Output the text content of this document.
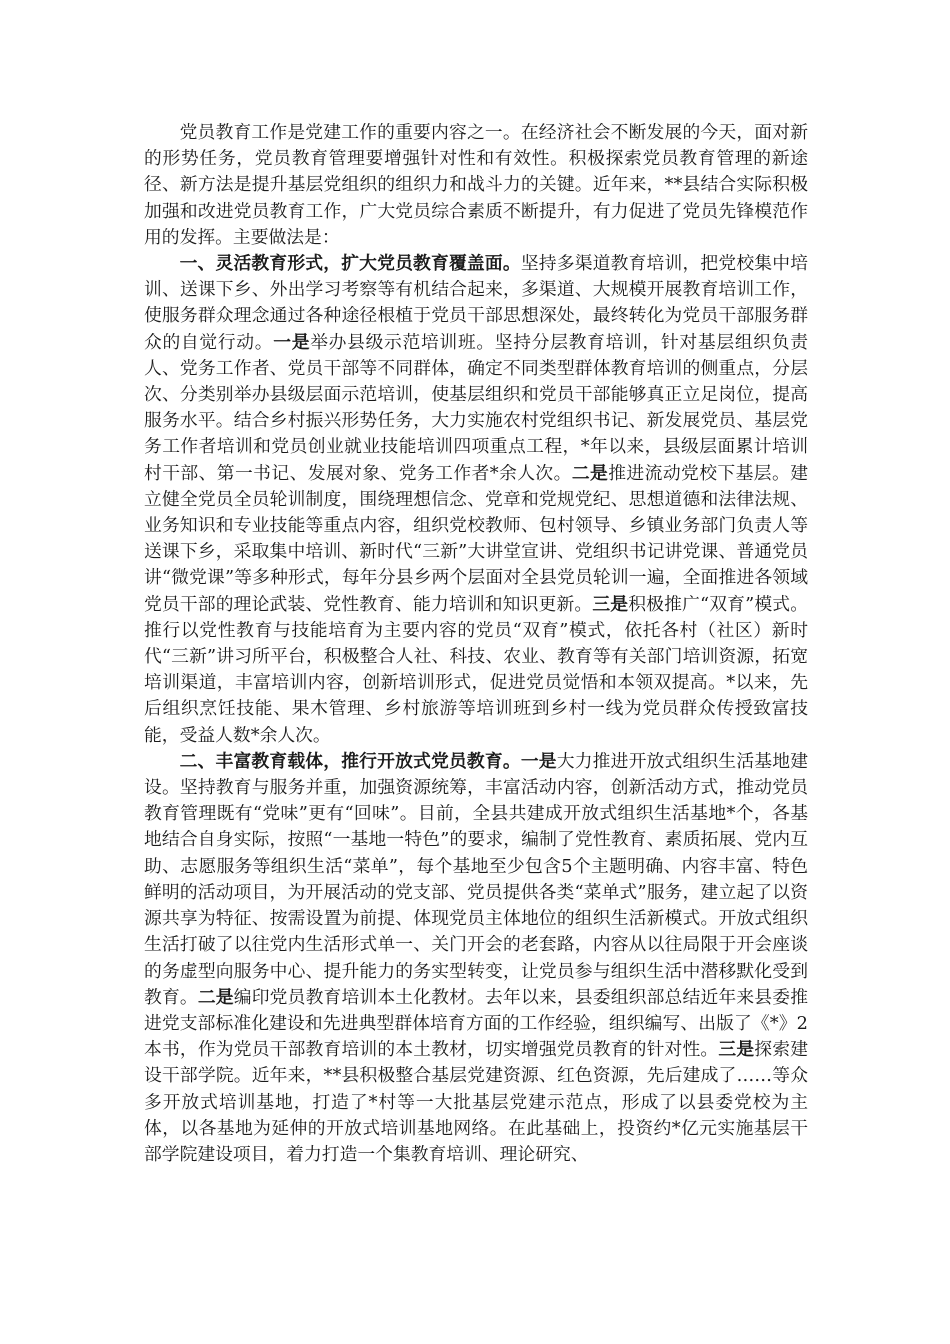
党员教育工作是党建工作的重要内容之一。在经济社会不断发展的今天，面对新的形势任务，党员教育管理要增强针对性和有效性。积极探索党员教育管理的新途径、新方法是提升基层党组织的组织力和战斗力的关键。近年来，**县结合实际积极加强和改进党员教育工作，广大党员综合素质不断提升，有力促进了党员先锋模范作用的发挥。主要做法是：

一、灵活教育形式，扩大党员教育覆盖面。坚持多渠道教育培训，把党校集中培训、送课下乡、外出学习考察等有机结合起来，多渠道、大规模开展教育培训工作，使服务群众理念通过各种途径根植于党员干部思想深处，最终转化为党员干部服务群众的自觉行动。一是举办县级示范培训班。坚持分层教育培训，针对基层组织负责人、党务工作者、党员干部等不同群体，确定不同类型群体教育培训的侧重点，分层次、分类别举办县级层面示范培训，使基层组织和党员干部能够真正立足岗位，提高服务水平。结合乡村振兴形势任务，大力实施农村党组织书记、新发展党员、基层党务工作者培训和党员创业就业技能培训四项重点工程，*年以来，县级层面累计培训村干部、第一书记、发展对象、党务工作者*余人次。二是推进流动党校下基层。建立健全党员全员轮训制度，围绕理想信念、党章和党规党纪、思想道德和法律法规、业务知识和专业技能等重点内容，组织党校教师、包村领导、乡镇业务部门负责人等送课下乡，采取集中培训、新时代“三新”大讲堂宣讲、党组织书记讲党课、普通党员讲“微党课”等多种形式，每年分县乡两个层面对全县党员轮训一遍，全面推进各领域党员干部的理论武装、党性教育、能力培训和知识更新。三是积极推广“双育”模式。推行以党性教育与技能培育为主要内容的党员“双育”模式，依托各村（社区）新时代“三新”讲习所平台，积极整合人社、科技、农业、教育等有关部门培训资源，拓宽培训渠道，丰富培训内容，创新培训形式，促进党员觉悟和本领双提高。*以来，先后组织烹饪技能、果木管理、乡村旅游等培训班到乡村一线为党员群众传授致富技能，受益人数*余人次。

二、丰富教育载体，推行开放式党员教育。一是大力推进开放式组织生活基地建设。坚持教育与服务并重，加强资源统筹，丰富活动内容，创新活动方式，推动党员教育管理既有“党味”更有“回味”。目前，全县共建成开放式组织生活基地*个，各基地结合自身实际，按照“一基地一特色”的要求，编制了党性教育、素质拓展、党内互助、志愿服务等组织生活“菜单”，每个基地至少包含5个主题明确、内容丰富、特色鲜明的活动项目，为开展活动的党支部、党员提供各类“菜单式”服务，建立起了以资源共享为特征、按需设置为前提、体现党员主体地位的组织生活新模式。开放式组织生活打破了以往党内生活形式单一、关门开会的老套路，内容从以往局限于开会座谈的务虚型向服务中心、提升能力的务实型转变，让党员参与组织生活中潜移默化受到教育。二是编印党员教育培训本土化教材。去年以来，县委组织部总结近年来县委推进党支部标准化建设和先进典型群体培育方面的工作经验，组织编写、出版了《*》2本书，作为党员干部教育培训的本土教材，切实增强党员教育的针对性。三是探索建设干部学院。近年来，**县积极整合基层党建资源、红色资源，先后建成了……等众多开放式培训基地，打造了*村等一大批基层党建示范点，形成了以县委党校为主体，以各基地为延伸的开放式培训基地网络。在此基础上，投资约*亿元实施基层干部学院建设项目，着力打造一个集教育培训、理论研究、
